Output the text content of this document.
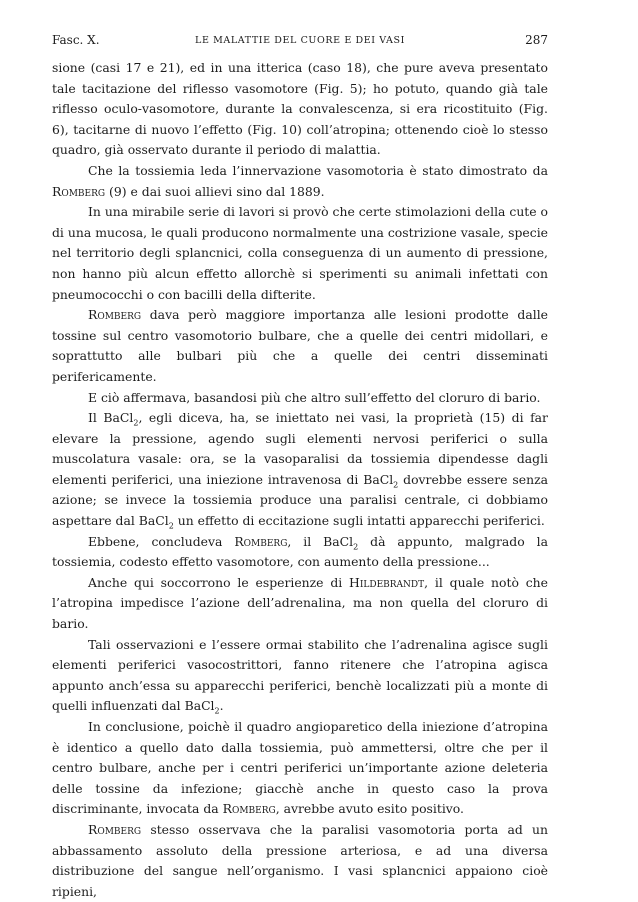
Fasc. X.	LE MALATTIE DEL CUORE E DEI VASI	287

sione (casi 17 e 21), ed in una itterica (caso 18), che pure aveva presentato tale tacitazione del riflesso vasomotore (Fig. 5); ho potuto, quando già tale riflesso oculo-vasomotore, durante la convalescenza, si era ricostituito (Fig. 6), tacitarne di nuovo l’effetto (Fig. 10) coll’atropina; ottenendo cioè lo stesso quadro, già osservato durante il periodo di malattia.

Che la tossiemia leda l’innervazione vasomotoria è stato dimostrato da Romberg (9) e dai suoi allievi sino dal 1889.

In una mirabile serie di lavori si provò che certe stimolazioni della cute o di una mucosa, le quali producono normalmente una costrizione vasale, specie nel territorio degli splancnici, colla conseguenza di un aumento di pressione, non hanno più alcun effetto allorchè si sperimenti su animali infettati con pneumococchi o con bacilli della difterite.

Romberg dava però maggiore importanza alle lesioni prodotte dalle tossine sul centro vasomotorio bulbare, che a quelle dei centri midollari, e soprattutto alle bulbari più che a quelle dei centri disseminati perifericamente.

E ciò affermava, basandosi più che altro sull’effetto del cloruro di bario.

Il BaCl$_2$, egli diceva, ha, se iniettato nei vasi, la proprietà (15) di far elevare la pressione, agendo sugli elementi nervosi periferici o sulla muscolatura vasale: ora, se la vasoparalisi da tossiemia dipendesse dagli elementi periferici, una iniezione intravenosa di BaCl$_2$ dovrebbe essere senza azione; se invece la tossiemia produce una paralisi centrale, ci dobbiamo aspettare dal BaCl$_2$ un effetto di eccitazione sugli intatti apparecchi periferici.

Ebbene, concludeva Romberg, il BaCl$_2$ dà appunto, malgrado la tossiemia, codesto effetto vasomotore, con aumento della pressione...

Anche qui soccorrono le esperienze di Hildebrandt, il quale notò che l’atropina impedisce l’azione dell’adrenalina, ma non quella del cloruro di bario.

Tali osservazioni e l’essere ormai stabilito che l’adrenalina agisce sugli elementi periferici vasocostrittori, fanno ritenere che l’atropina agisca appunto anch’essa su apparecchi periferici, benchè localizzati più a monte di quelli influenzati dal BaCl$_2$.

In conclusione, poichè il quadro angioparetico della iniezione d’atropina è identico a quello dato dalla tossiemia, può ammettersi, oltre che per il centro bulbare, anche per i centri periferici un’importante azione deleteria delle tossine da infezione; giacchè anche in questo caso la prova discriminante, invocata da Romberg, avrebbe avuto esito positivo.

Romberg stesso osservava che la paralisi vasomotoria porta ad un abbassamento assoluto della pressione arteriosa, e ad una diversa distribuzione del sangue nell’organismo. I vasi splancnici appaiono cioè ripieni,
